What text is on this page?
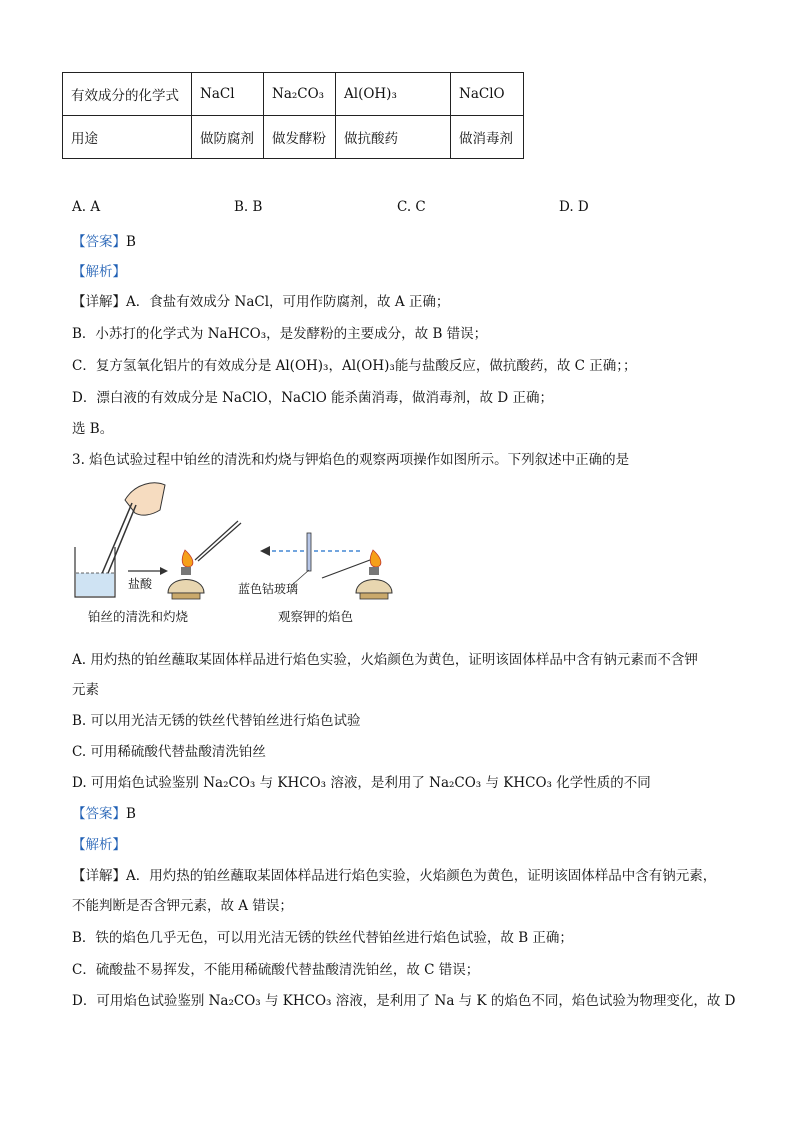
有效成分的化学式	NaCl	Na₂CO₃	Al(OH)₃	NaClO
用途	做防腐剂	做发酵粉	做抗酸药	做消毒剂
A. A	B. B	C. C	D. D
【答案】B
【解析】
【详解】A．食盐有效成分 NaCl，可用作防腐剂，故 A 正确；
B．小苏打的化学式为 NaHCO₃，是发酵粉的主要成分，故 B 错误；
C．复方氢氧化铝片的有效成分是 Al(OH)₃，Al(OH)₃能与盐酸反应，做抗酸药，故 C 正确；；
D．漂白液的有效成分是 NaClO，NaClO 能杀菌消毒，做消毒剂，故 D 正确；
选 B。
3. 焰色试验过程中铂丝的清洗和灼烧与钾焰色的观察两项操作如图所示。下列叙述中正确的是
盐酸
铂丝的清洗和灼烧
蓝色钴玻璃
观察钾的焰色
A. 用灼热的铂丝蘸取某固体样品进行焰色实验，火焰颜色为黄色，证明该固体样品中含有钠元素而不含钾
元素
B. 可以用光洁无锈的铁丝代替铂丝进行焰色试验
C. 可用稀硫酸代替盐酸清洗铂丝
D. 可用焰色试验鉴别 Na₂CO₃ 与 KHCO₃ 溶液，是利用了 Na₂CO₃ 与 KHCO₃ 化学性质的不同
【答案】B
【解析】
【详解】A．用灼热的铂丝蘸取某固体样品进行焰色实验，火焰颜色为黄色，证明该固体样品中含有钠元素，
不能判断是否含钾元素，故 A 错误；
B．铁的焰色几乎无色，可以用光洁无锈的铁丝代替铂丝进行焰色试验，故 B 正确；
C．硫酸盐不易挥发，不能用稀硫酸代替盐酸清洗铂丝，故 C 错误；
D．可用焰色试验鉴别 Na₂CO₃ 与 KHCO₃ 溶液，是利用了 Na 与 K 的焰色不同，焰色试验为物理变化，故 D
